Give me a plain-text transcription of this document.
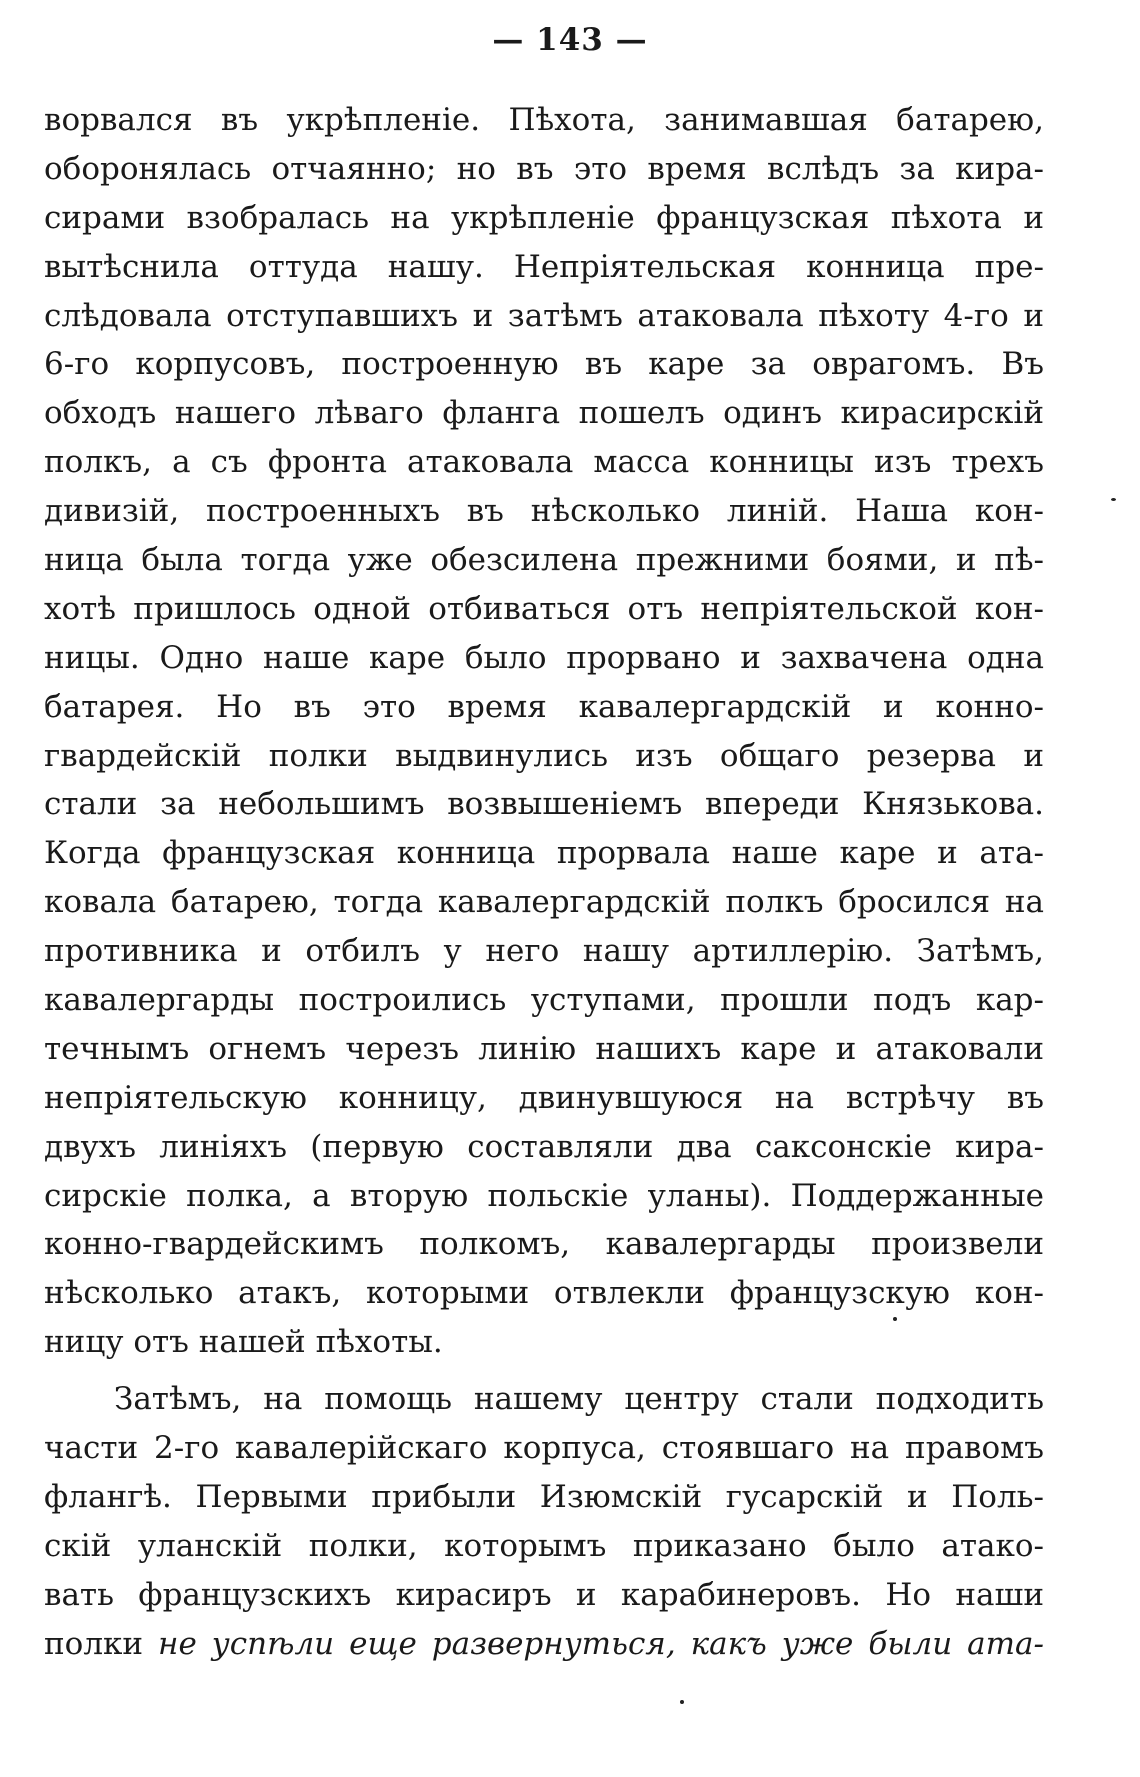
— 143 —
ворвался въ укрѣпленіе. Пѣхота, занимавшая батарею,
оборонялась отчаянно; но въ это время вслѣдъ за кира-
сирами взобралась на укрѣпленіе французская пѣхота и
вытѣснила оттуда нашу. Непріятельская конница пре-
слѣдовала отступавшихъ и затѣмъ атаковала пѣхоту 4-го и
6-го корпусовъ, построенную въ каре за оврагомъ. Въ
обходъ нашего лѣваго фланга пошелъ одинъ кирасирскій
полкъ, а съ фронта атаковала масса конницы изъ трехъ
дивизій, построенныхъ въ нѣсколько линій. Наша кон-
ница была тогда уже обезсилена прежними боями, и пѣ-
хотѣ пришлось одной отбиваться отъ непріятельской кон-
ницы. Одно наше каре было прорвано и захвачена одна
батарея. Но въ это время кавалергардскій и конно-
гвардейскій полки выдвинулись изъ общаго резерва и
стали за небольшимъ возвышеніемъ впереди Князькова.
Когда французская конница прорвала наше каре и ата-
ковала батарею, тогда кавалергардскій полкъ бросился на
противника и отбилъ у него нашу артиллерію. Затѣмъ,
кавалергарды построились уступами, прошли подъ кар-
течнымъ огнемъ черезъ линію нашихъ каре и атаковали
непріятельскую конницу, двинувшуюся на встрѣчу въ
двухъ линіяхъ (первую составляли два саксонскіе кира-
сирскіе полка, а вторую польскіе уланы). Поддержанные
конно-гвардейскимъ полкомъ, кавалергарды произвели
нѣсколько атакъ, которыми отвлекли французскую кон-
ницу отъ нашей пѣхоты.
Затѣмъ, на помощь нашему центру стали подходить
части 2-го кавалерійскаго корпуса, стоявшаго на правомъ
флангѣ. Первыми прибыли Изюмскій гусарскій и Поль-
скій уланскій полки, которымъ приказано было атако-
вать французскихъ кирасиръ и карабинеровъ. Но наши
полки не успѣли еще развернуться, какъ уже были ата-
